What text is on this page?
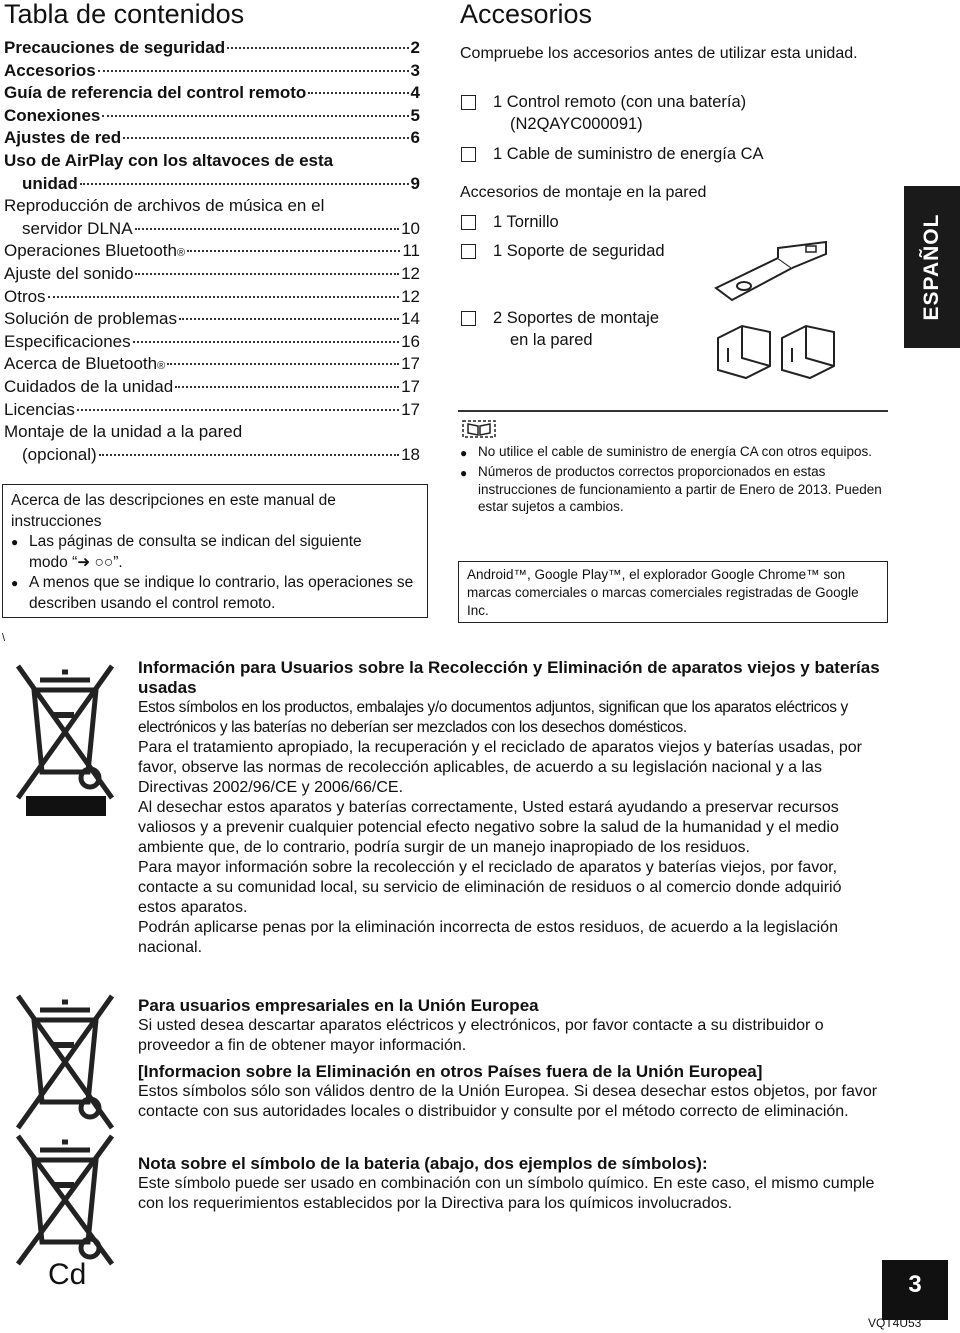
Tabla de contenidos
Precauciones de seguridad	2
Accesorios	3
Guía de referencia del control remoto	4
Conexiones	5
Ajustes de red	6
Uso de AirPlay con los altavoces de esta
unidad	9
Reproducción de archivos de música en el
servidor DLNA	10
Operaciones Bluetooth ®	11
Ajuste del sonido	12
Otros	12
Solución de problemas	14
Especificaciones	16
Acerca de Bluetooth ®	17
Cuidados de la unidad	17
Licencias	17
Montaje de la unidad a la pared
(opcional)	18
Acerca de las descripciones en este manual de instrucciones
● Las páginas de consulta se indican del siguiente
modo “➜ ○○”.
● A menos que se indique lo contrario, las operaciones se describen usando el control remoto.
Accesorios
Compruebe los accesorios antes de utilizar esta unidad.
1 Control remoto (con una batería)
(N2QAYC000091)
1 Cable de suministro de energía CA
Accesorios de montaje en la pared
1 Tornillo
1 Soporte de seguridad
2 Soportes de montaje
en la pared
● No utilice el cable de suministro de energía CA con otros equipos.
● Números de productos correctos proporcionados en estas instrucciones de funcionamiento a partir de Enero de 2013. Pueden estar sujetos a cambios.
Android™, Google Play™, el explorador Google Chrome™ son marcas comerciales o marcas comerciales registradas de Google Inc.
ESPAÑOL
\
Cd
Información para Usuarios sobre la Recolección y Eliminación de aparatos viejos y baterías usadas
Estos símbolos en los productos, embalajes y/o documentos adjuntos, significan que los aparatos eléctricos y electrónicos y las baterías no deberían ser mezclados con los desechos domésticos.
Para el tratamiento apropiado, la recuperación y el reciclado de aparatos viejos y baterías usadas, por favor, observe las normas de recolección aplicables, de acuerdo a su legislación nacional y a las Directivas 2002/96/CE y 2006/66/CE.
Al desechar estos aparatos y baterías correctamente, Usted estará ayudando a preservar recursos valiosos y a prevenir cualquier potencial efecto negativo sobre la salud de la humanidad y el medio ambiente que, de lo contrario, podría surgir de un manejo inapropiado de los residuos.
Para mayor información sobre la recolección y el reciclado de aparatos y baterías viejos, por favor, contacte a su comunidad local, su servicio de eliminación de residuos o al comercio donde adquirió estos aparatos.
Podrán aplicarse penas por la eliminación incorrecta de estos residuos, de acuerdo a la legislación nacional.
Para usuarios empresariales en la Unión Europea
Si usted desea descartar aparatos eléctricos y electrónicos, por favor contacte a su distribuidor o proveedor a fin de obtener mayor información.
[Informacion sobre la Eliminación en otros Países fuera de la Unión Europea]
Estos símbolos sólo son válidos dentro de la Unión Europea. Si desea desechar estos objetos, por favor contacte con sus autoridades locales o distribuidor y consulte por el método correcto de eliminación.
Nota sobre el símbolo de la bateria (abajo, dos ejemplos de símbolos):
Este símbolo puede ser usado en combinación con un símbolo químico. En este caso, el mismo cumple con los requerimientos establecidos por la Directiva para los químicos involucrados.
3
VQT4U53
